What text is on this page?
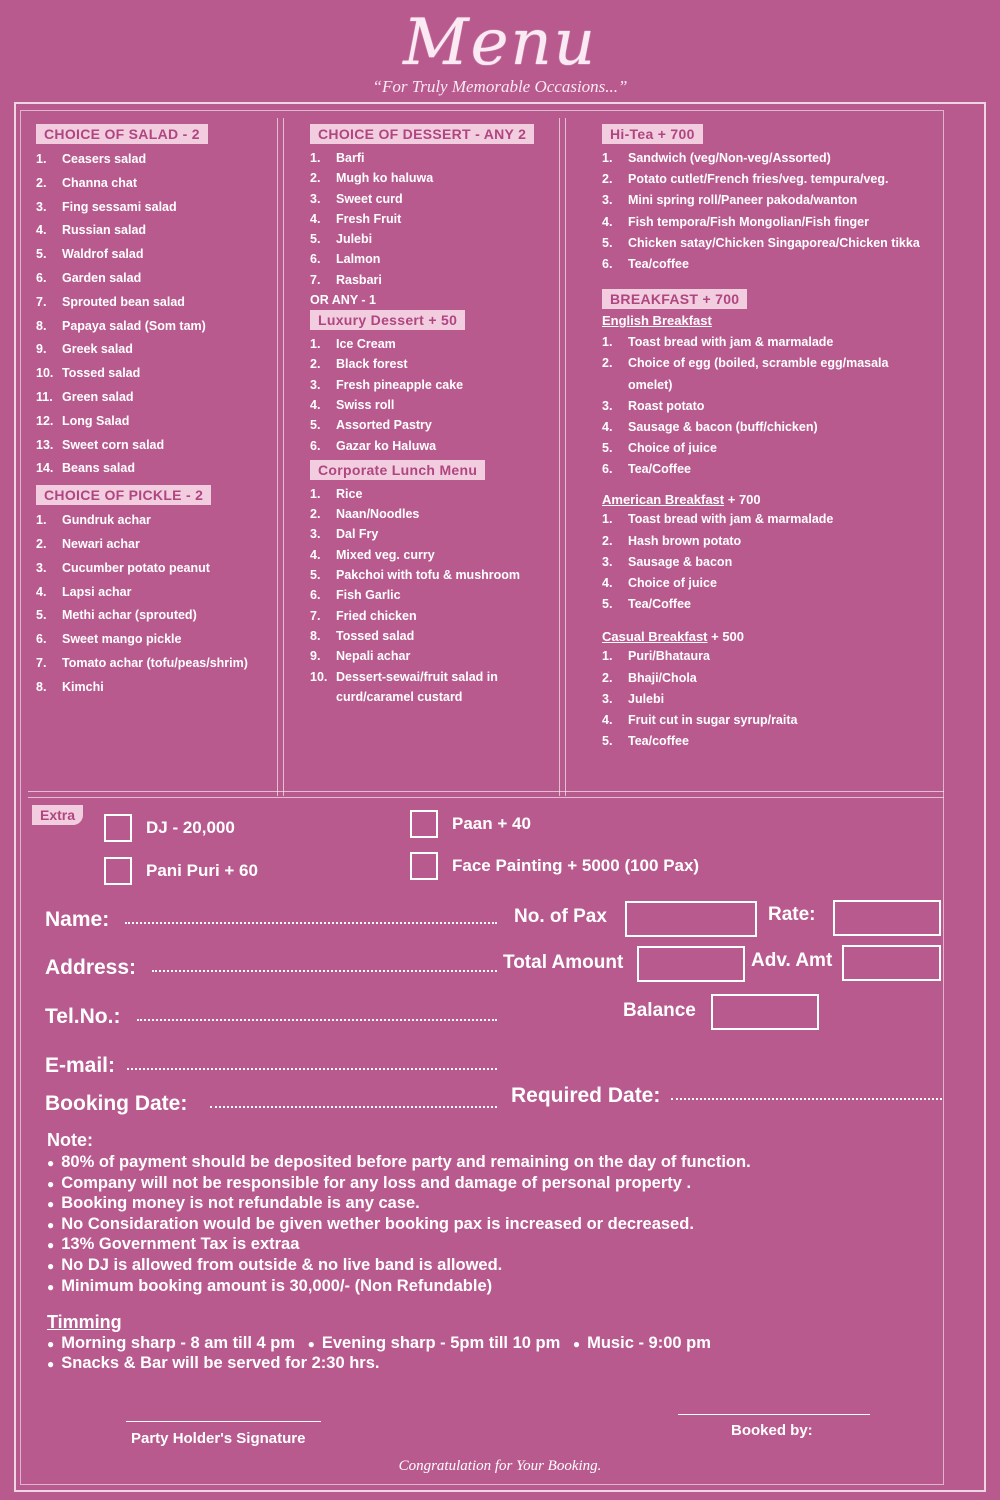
Menu
“For Truly Memorable Occasions...”
CHOICE OF SALAD - 2
1.	Ceasers salad
2.	Channa chat
3.	Fing sessami salad
4.	Russian salad
5.	Waldrof salad
6.	Garden salad
7.	Sprouted bean salad
8.	Papaya salad (Som tam)
9.	Greek salad
10. Tossed salad
11. Green salad
12. Long Salad
13. Sweet corn salad
14. Beans salad
CHOICE OF PICKLE - 2
1.	Gundruk achar
2.	Newari achar
3.	Cucumber potato peanut
4.	Lapsi achar
5.	Methi achar (sprouted)
6.	Sweet mango pickle
7.	Tomato achar (tofu/peas/shrim)
8.	Kimchi
CHOICE OF DESSERT - ANY 2
1.	Barfi
2.	Mugh ko haluwa
3.	Sweet curd
4.	Fresh Fruit
5.	Julebi
6.	Lalmon
7.	Rasbari
OR ANY - 1
Luxury Dessert + 50
1.	Ice Cream
2.	Black forest
3.	Fresh pineapple cake
4.	Swiss roll
5.	Assorted Pastry
6.	Gazar ko Haluwa
Corporate Lunch Menu
1.	Rice
2.	Naan/Noodles
3.	Dal Fry
4.	Mixed veg. curry
5.	Pakchoi with tofu & mushroom
6.	Fish Garlic
7.	Fried chicken
8.	Tossed salad
9.	Nepali achar
10. Dessert-sewai/fruit salad in
curd/caramel custard
Hi-Tea + 700
1.	Sandwich (veg/Non-veg/Assorted)
2.	Potato cutlet/French fries/veg. tempura/veg.
3.	Mini spring roll/Paneer pakoda/wanton
4.	Fish tempora/Fish Mongolian/Fish finger
5.	Chicken satay/Chicken Singaporea/Chicken tikka
6.	Tea/coffee
BREAKFAST + 700
English Breakfast
1.	Toast bread with jam & marmalade
2.	Choice of egg (boiled, scramble egg/masala
omelet)
3.	Roast potato
4.	Sausage & bacon (buff/chicken)
5.	Choice of juice
6.	Tea/Coffee
American Breakfast + 700
1.	Toast bread with jam & marmalade
2.	Hash brown potato
3.	Sausage & bacon
4.	Choice of juice
5.	Tea/Coffee
Casual Breakfast + 500
1.	Puri/Bhataura
2.	Bhaji/Chola
3.	Julebi
4.	Fruit cut in sugar syrup/raita
5.	Tea/coffee
Extra
DJ - 20,000
Pani Puri + 60
Paan + 40
Face Painting + 5000 (100 Pax)
Name:	No. of Pax	Rate:
Address:	Total Amount	Adv. Amt
Tel.No.:	Balance
E-mail:
Booking Date:	Required Date:
Note:
● 80% of payment should be deposited before party and remaining on the day of function.
● Company will not be responsible for any loss and damage of personal property .
● Booking money is not refundable is any case.
● No Considaration would be given wether booking pax is increased or decreased.
● 13% Government Tax is extraa
● No DJ is allowed from outside & no live band is allowed.
● Minimum booking amount is 30,000/- (Non Refundable)
Timming
● Morning sharp - 8 am till 4 pm ● Evening sharp - 5pm till 10 pm ● Music - 9:00 pm
● Snacks & Bar will be served for 2:30 hrs.
Party Holder's Signature	Booked by:
Congratulation for Your Booking.
